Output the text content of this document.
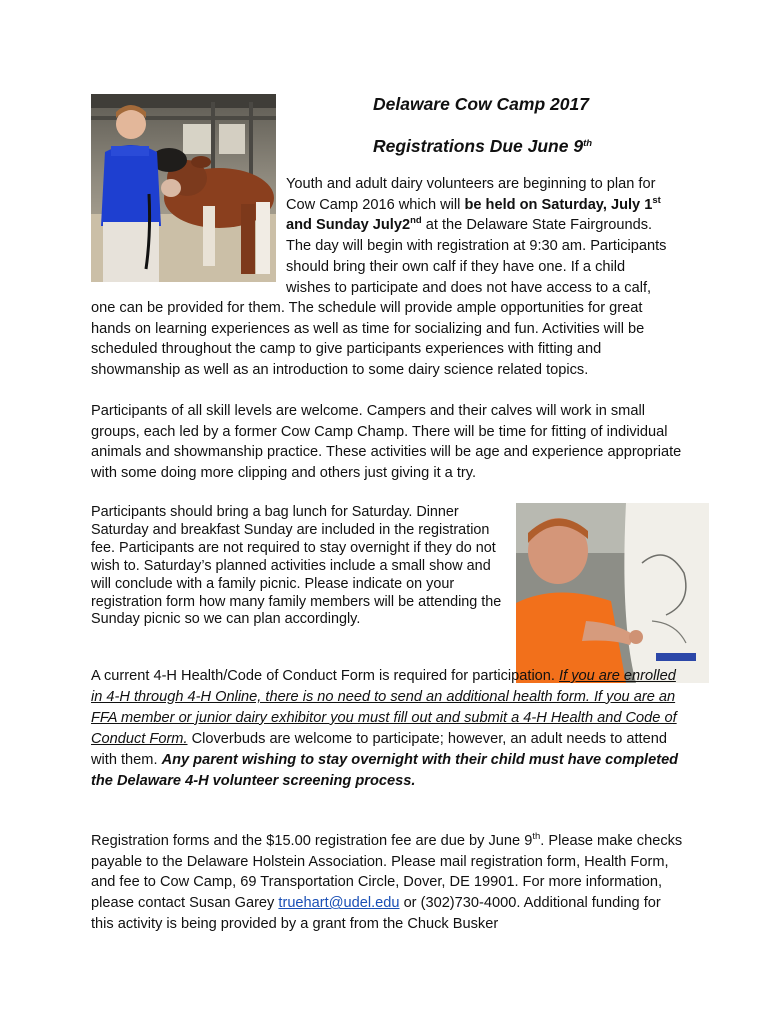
Delaware Cow Camp 2017
Registrations Due June 9th
Youth and adult dairy volunteers are beginning to plan for
Cow Camp 2016 which will be held on Saturday, July 1st
and Sunday July2nd at the Delaware State Fairgrounds.
The day will begin with registration at 9:30 am. Participants
should bring their own calf if they have one. If a child
wishes to participate and does not have access to a calf,

one can be provided for them. The schedule will provide ample opportunities for great hands on learning experiences as well as time for socializing and fun. Activities will be scheduled throughout the camp to give participants experiences with fitting and showmanship as well as an introduction to some dairy science related topics.

Participants of all skill levels are welcome. Campers and their calves will work in small groups, each led by a former Cow Camp Champ. There will be time for fitting of individual animals and showmanship practice. These activities will be age and experience appropriate with some doing more clipping and others just giving it a try.

Participants should bring a bag lunch for Saturday. Dinner Saturday and breakfast Sunday are included in the registration fee. Participants are not required to stay overnight if they do not wish to. Saturday’s planned activities include a small show and will conclude with a family picnic. Please indicate on your registration form how many family members will be attending the Sunday picnic so we can plan accordingly.

A current 4-H Health/Code of Conduct Form is required for participation. If you are enrolled in 4-H through 4-H Online, there is no need to send an additional health form. If you are an FFA member or junior dairy exhibitor you must fill out and submit a 4-H Health and Code of Conduct Form. Cloverbuds are welcome to participate; however, an adult needs to attend with them. Any parent wishing to stay overnight with their child must have completed the Delaware 4-H volunteer screening process.

Registration forms and the $15.00 registration fee are due by June 9th. Please make checks payable to the Delaware Holstein Association. Please mail registration form, Health Form, and fee to Cow Camp, 69 Transportation Circle, Dover, DE 19901. For more information, please contact Susan Garey truehart@udel.edu or (302)730-4000. Additional funding for this activity is being provided by a grant from the Chuck Busker
